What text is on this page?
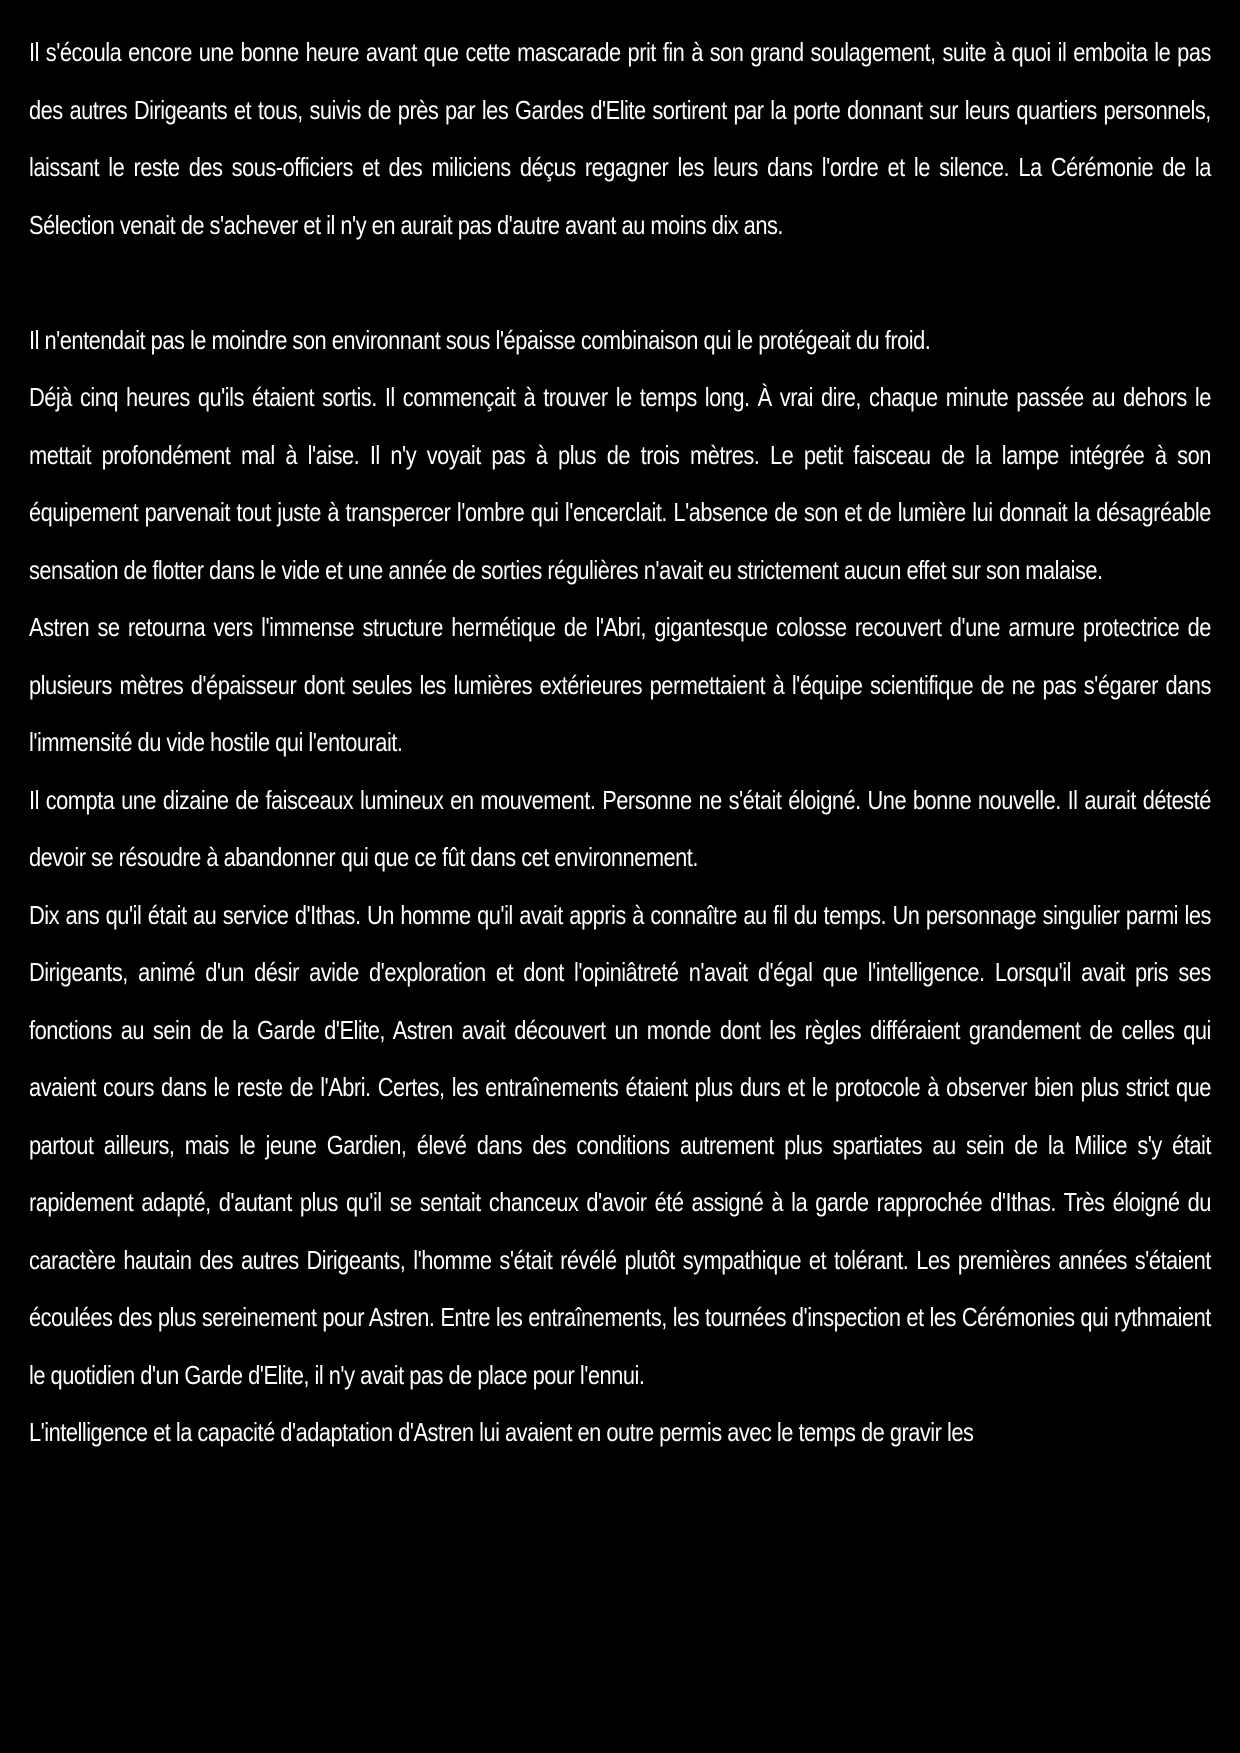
Il s'écoula encore une bonne heure avant que cette mascarade prit fin à son grand soulagement, suite à quoi il emboita le pas des autres Dirigeants et tous, suivis de près par les Gardes d'Elite sortirent par la porte donnant sur leurs quartiers personnels, laissant le reste des sous-officiers et des miliciens déçus regagner les leurs dans l'ordre et le silence. La Cérémonie de la Sélection venait de s'achever et il n'y en aurait pas d'autre avant au moins dix ans.

Il n'entendait pas le moindre son environnant sous l'épaisse combinaison qui le protégeait du froid.

Déjà cinq heures qu'ils étaient sortis. Il commençait à trouver le temps long. À vrai dire, chaque minute passée au dehors le mettait profondément mal à l'aise. Il n'y voyait pas à plus de trois mètres. Le petit faisceau de la lampe intégrée à son équipement parvenait tout juste à transpercer l'ombre qui l'encerclait. L'absence de son et de lumière lui donnait la désagréable sensation de flotter dans le vide et une année de sorties régulières n'avait eu strictement aucun effet sur son malaise.

Astren se retourna vers l'immense structure hermétique de l'Abri, gigantesque colosse recouvert d'une armure protectrice de plusieurs mètres d'épaisseur dont seules les lumières extérieures permettaient à l'équipe scientifique de ne pas s'égarer dans l'immensité du vide hostile qui l'entourait.

Il compta une dizaine de faisceaux lumineux en mouvement. Personne ne s'était éloigné. Une bonne nouvelle. Il aurait détesté devoir se résoudre à abandonner qui que ce fût dans cet environnement.

Dix ans qu'il était au service d'Ithas. Un homme qu'il avait appris à connaître au fil du temps. Un personnage singulier parmi les Dirigeants, animé d'un désir avide d'exploration et dont l'opiniâtreté n'avait d'égal que l'intelligence. Lorsqu'il avait pris ses fonctions au sein de la Garde d'Elite, Astren avait découvert un monde dont les règles différaient grandement de celles qui avaient cours dans le reste de l'Abri. Certes, les entraînements étaient plus durs et le protocole à observer bien plus strict que partout ailleurs, mais le jeune Gardien, élevé dans des conditions autrement plus spartiates au sein de la Milice s'y était rapidement adapté, d'autant plus qu'il se sentait chanceux d'avoir été assigné à la garde rapprochée d'Ithas. Très éloigné du caractère hautain des autres Dirigeants, l'homme s'était révélé plutôt sympathique et tolérant. Les premières années s'étaient écoulées des plus sereinement pour Astren. Entre les entraînements, les tournées d'inspection et les Cérémonies qui rythmaient le quotidien d'un Garde d'Elite, il n'y avait pas de place pour l'ennui.

L'intelligence et la capacité d'adaptation d'Astren lui avaient en outre permis avec le temps de gravir les
